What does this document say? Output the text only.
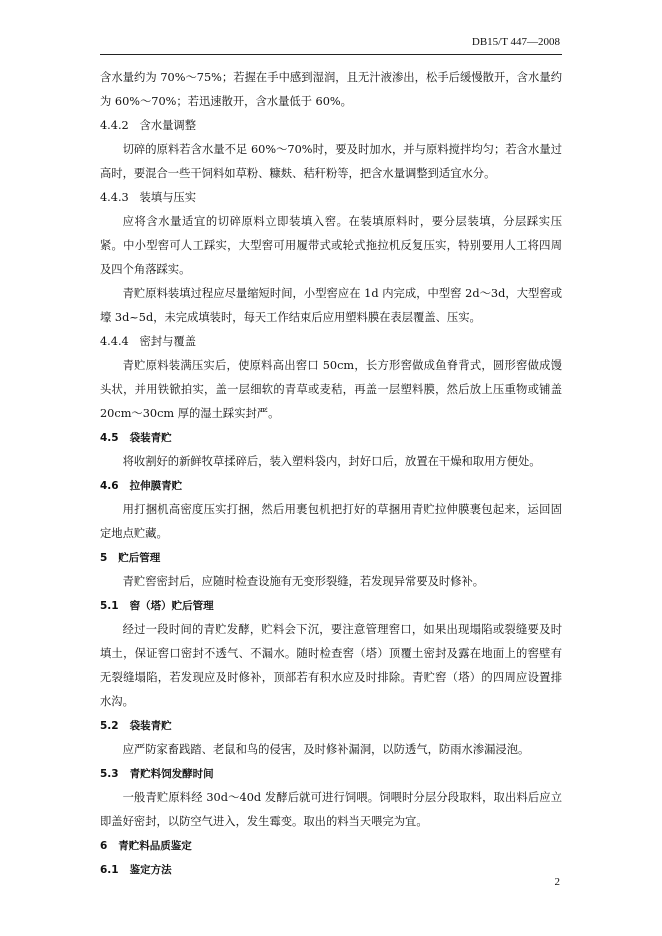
DB15/T 447—2008

含水量约为 70%～75%；若握在手中感到湿润，且无汁液渗出，松手后缓慢散开，含水量约为 60%～70%；若迅速散开，含水量低于 60%。

4.4.2 含水量调整

切碎的原料若含水量不足 60%～70%时，要及时加水，并与原料搅拌均匀；若含水量过高时，要混合一些干饲料如草粉、糠麸、秸秆粉等，把含水量调整到适宜水分。

4.4.3 装填与压实

应将含水量适宜的切碎原料立即装填入窖。在装填原料时，要分层装填，分层踩实压紧。中小型窖可人工踩实，大型窖可用履带式或轮式拖拉机反复压实，特别要用人工将四周及四个角落踩实。

青贮原料装填过程应尽量缩短时间，小型窖应在 1d 内完成，中型窖 2d～3d，大型窖或壕 3d~5d，未完成填装时，每天工作结束后应用塑料膜在表层覆盖、压实。

4.4.4 密封与覆盖

青贮原料装满压实后，使原料高出窖口 50cm，长方形窖做成鱼脊背式，圆形窖做成馒头状，并用铁锨拍实，盖一层细软的青草或麦秸，再盖一层塑料膜，然后放上压重物或铺盖 20cm～30cm 厚的湿土踩实封严。

4.5 袋装青贮

将收割好的新鲜牧草揉碎后，装入塑料袋内，封好口后，放置在干燥和取用方便处。

4.6 拉伸膜青贮

用打捆机高密度压实打捆，然后用裹包机把打好的草捆用青贮拉伸膜裹包起来，运回固定地点贮藏。

5 贮后管理

青贮窖密封后，应随时检查设施有无变形裂缝，若发现异常要及时修补。

5.1 窖（塔）贮后管理

经过一段时间的青贮发酵，贮料会下沉，要注意管理窖口，如果出现塌陷或裂缝要及时填土，保证窖口密封不透气、不漏水。随时检查窖（塔）顶覆土密封及露在地面上的窖壁有无裂缝塌陷，若发现应及时修补，顶部若有积水应及时排除。青贮窖（塔）的四周应设置排水沟。

5.2 袋装青贮

应严防家畜践踏、老鼠和鸟的侵害，及时修补漏洞，以防透气，防雨水渗漏浸泡。

5.3 青贮料饲发酵时间

一般青贮原料经 30d～40d 发酵后就可进行饲喂。饲喂时分层分段取料，取出料后应立即盖好密封，以防空气进入，发生霉变。取出的料当天喂完为宜。

6 青贮料品质鉴定
6.1 鉴定方法
2
